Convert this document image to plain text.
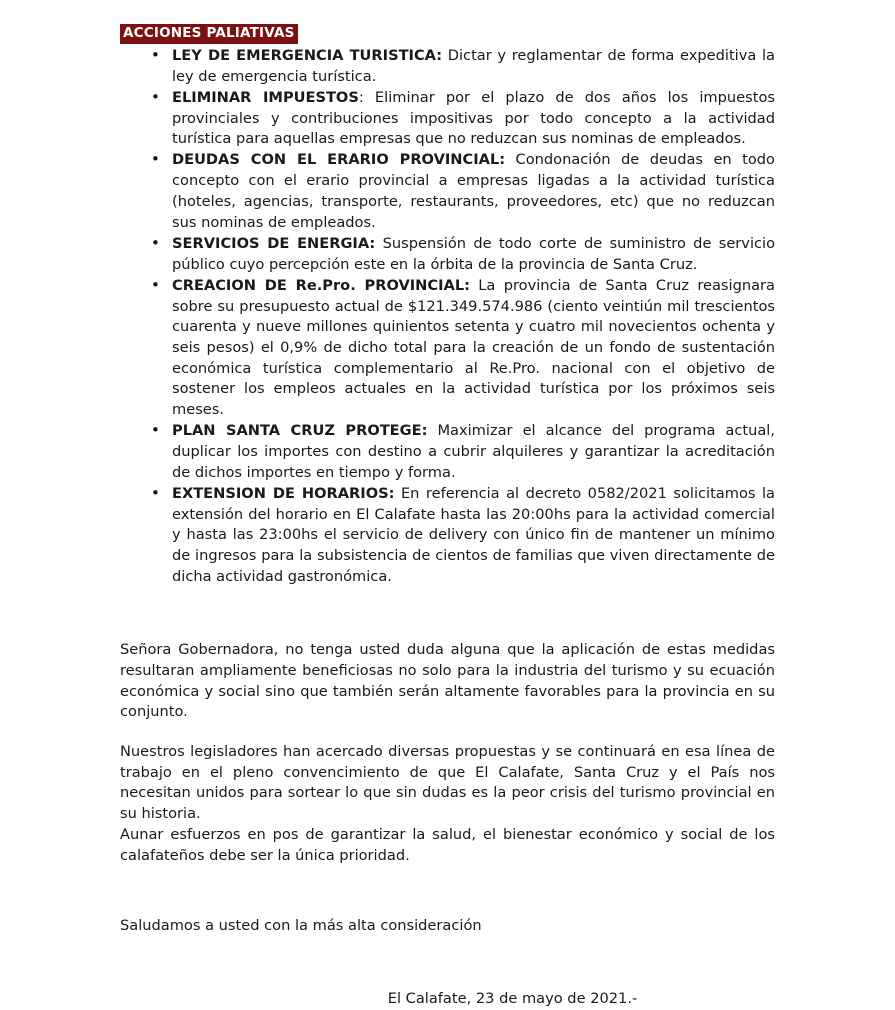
ACCIONES PALIATIVAS
• LEY DE EMERGENCIA TURISTICA: Dictar y reglamentar de forma expeditiva la ley de emergencia turística.
• ELIMINAR IMPUESTOS: Eliminar por el plazo de dos años los impuestos provinciales y contribuciones impositivas por todo concepto a la actividad turística para aquellas empresas que no reduzcan sus nominas de empleados.
• DEUDAS CON EL ERARIO PROVINCIAL: Condonación de deudas en todo concepto con el erario provincial a empresas ligadas a la actividad turística (hoteles, agencias, transporte, restaurants, proveedores, etc) que no reduzcan sus nominas de empleados.
• SERVICIOS DE ENERGIA: Suspensión de todo corte de suministro de servicio público cuyo percepción este en la órbita de la provincia de Santa Cruz.
• CREACION DE Re.Pro. PROVINCIAL: La provincia de Santa Cruz reasignara sobre su presupuesto actual de $121.349.574.986 (ciento veintiún mil trescientos cuarenta y nueve millones quinientos setenta y cuatro mil novecientos ochenta y seis pesos) el 0,9% de dicho total para la creación de un fondo de sustentación económica turística complementario al Re.Pro. nacional con el objetivo de sostener los empleos actuales en la actividad turística por los próximos seis meses.
• PLAN SANTA CRUZ PROTEGE: Maximizar el alcance del programa actual, duplicar los importes con destino a cubrir alquileres y garantizar la acreditación de dichos importes en tiempo y forma.
• EXTENSION DE HORARIOS: En referencia al decreto 0582/2021 solicitamos la extensión del horario en El Calafate hasta las 20:00hs para la actividad comercial y hasta las 23:00hs el servicio de delivery con único fin de mantener un mínimo de ingresos para la subsistencia de cientos de familias que viven directamente de dicha actividad gastronómica.

Señora Gobernadora, no tenga usted duda alguna que la aplicación de estas medidas resultaran ampliamente beneficiosas no solo para la industria del turismo y su ecuación económica y social sino que también serán altamente favorables para la provincia en su conjunto.

Nuestros legisladores han acercado diversas propuestas y se continuará en esa línea de trabajo en el pleno convencimiento de que El Calafate, Santa Cruz y el País nos necesitan unidos para sortear lo que sin dudas es la peor crisis del turismo provincial en su historia.

Aunar esfuerzos en pos de garantizar la salud, el bienestar económico y social de los calafateños debe ser la única prioridad.

Saludamos a usted con la más alta consideración

El Calafate, 23 de mayo de 2021.-
